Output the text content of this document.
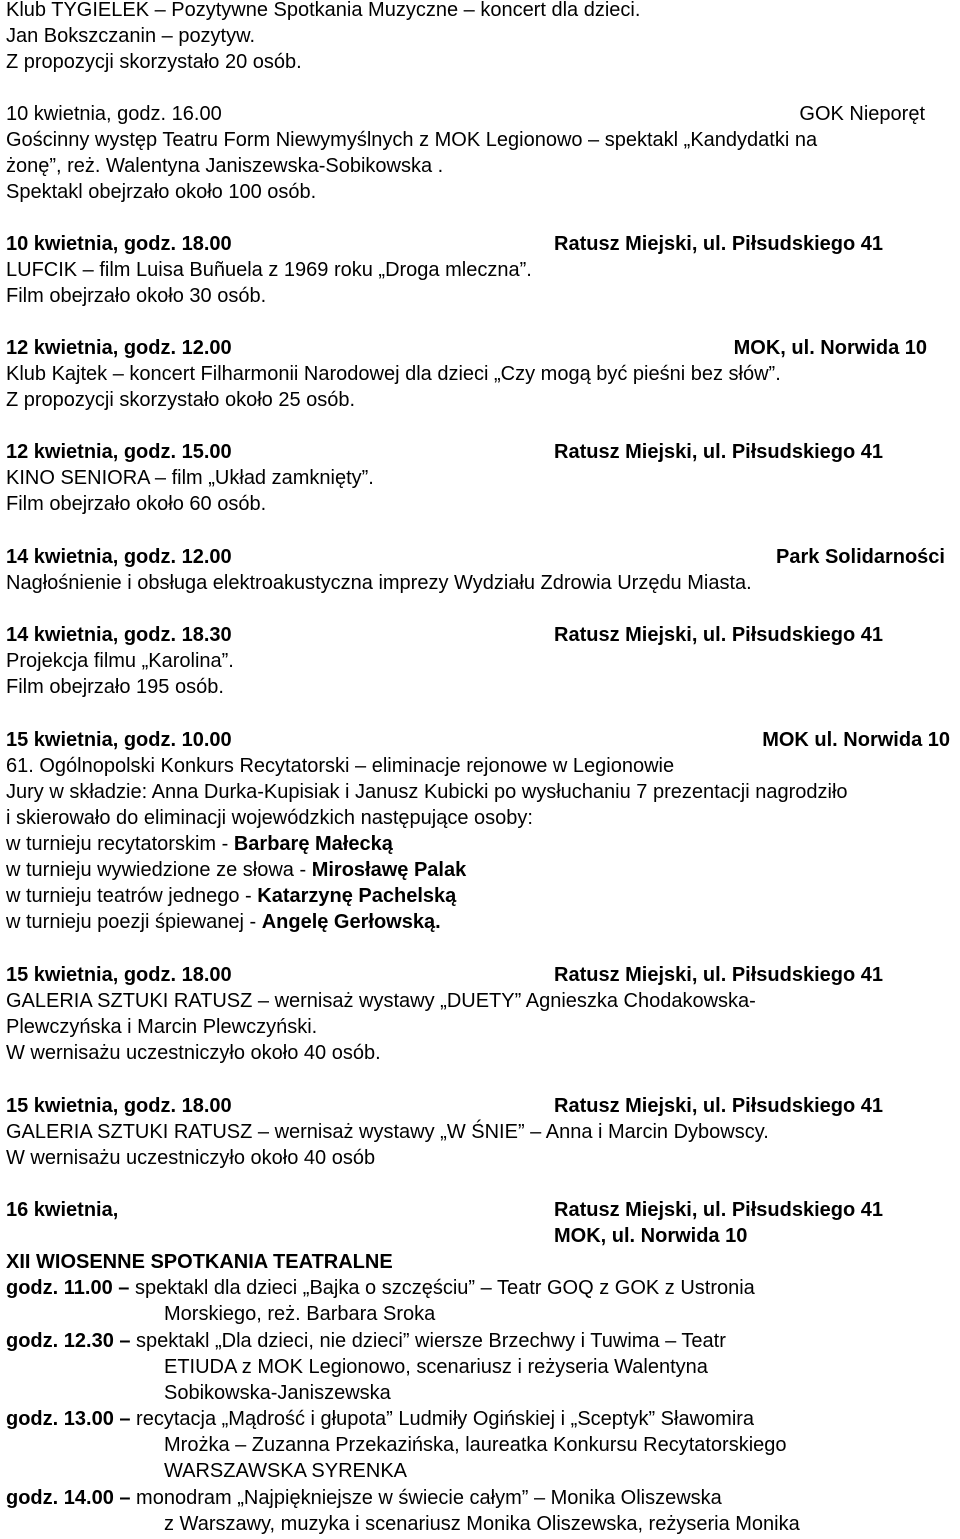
Klub TYGIELEK – Pozytywne Spotkania Muzyczne – koncert dla dzieci.
Jan Bokszczanin – pozytyw.
Z propozycji skorzystało 20 osób.
10 kwietnia, godz. 16.00	GOK Nieporęt
Gościnny występ Teatru Form Niewymyślnych z MOK Legionowo – spektakl „Kandydatki na
żonę”, reż. Walentyna Janiszewska-Sobikowska .
Spektakl obejrzało około 100 osób.
10 kwietnia, godz. 18.00	Ratusz Miejski, ul. Piłsudskiego 41
LUFCIK – film Luisa Buñuela z 1969 roku „Droga mleczna”.
Film obejrzało około 30 osób.
12 kwietnia, godz. 12.00	MOK, ul. Norwida 10
Klub Kajtek – koncert Filharmonii Narodowej dla dzieci „Czy mogą być pieśni bez słów”.
Z propozycji skorzystało około 25 osób.
12 kwietnia, godz. 15.00	Ratusz Miejski, ul. Piłsudskiego 41
KINO SENIORA – film „Układ zamknięty”.
Film obejrzało około 60 osób.
14 kwietnia, godz. 12.00	Park Solidarności
Nagłośnienie i obsługa elektroakustyczna imprezy Wydziału Zdrowia Urzędu Miasta.
14 kwietnia, godz. 18.30	Ratusz Miejski, ul. Piłsudskiego 41
Projekcja filmu „Karolina”.
Film obejrzało 195 osób.
15 kwietnia, godz. 10.00	MOK ul. Norwida 10
61. Ogólnopolski Konkurs Recytatorski – eliminacje rejonowe w Legionowie
Jury w składzie: Anna Durka-Kupisiak i Janusz Kubicki po wysłuchaniu 7 prezentacji nagrodziło
i skierowało do eliminacji wojewódzkich następujące osoby:
w turnieju recytatorskim - Barbarę Małecką
w turnieju wywiedzione ze słowa - Mirosławę Palak
w turnieju teatrów jednego - Katarzynę Pachelską
w turnieju poezji śpiewanej - Angelę Gerłowską.
15 kwietnia, godz. 18.00	Ratusz Miejski, ul. Piłsudskiego 41
GALERIA SZTUKI RATUSZ – wernisaż wystawy „DUETY” Agnieszka Chodakowska-
Plewczyńska i Marcin Plewczyński.
W wernisażu uczestniczyło około 40 osób.
15 kwietnia, godz. 18.00	Ratusz Miejski, ul. Piłsudskiego 41
GALERIA SZTUKI RATUSZ – wernisaż wystawy „W ŚNIE” – Anna i Marcin Dybowscy.
W wernisażu uczestniczyło około 40 osób
16 kwietnia,	Ratusz Miejski, ul. Piłsudskiego 41
MOK, ul. Norwida 10
XII WIOSENNE SPOTKANIA TEATRALNE
godz. 11.00 – spektakl dla dzieci „Bajka o szczęściu” – Teatr GOQ z GOK z Ustronia
Morskiego, reż. Barbara Sroka
godz. 12.30 – spektakl „Dla dzieci, nie dzieci” wiersze Brzechwy i Tuwima – Teatr
ETIUDA z MOK Legionowo, scenariusz i reżyseria Walentyna
Sobikowska-Janiszewska
godz. 13.00 – recytacja „Mądrość i głupota” Ludmiły Ogińskiej i „Sceptyk” Sławomira
Mrożka – Zuzanna Przekazińska, laureatka Konkursu Recytatorskiego
WARSZAWSKA SYRENKA
godz. 14.00 – monodram „Najpiękniejsze w świecie całym” – Monika Oliszewska
z Warszawy, muzyka i scenariusz Monika Oliszewska, reżyseria Monika
